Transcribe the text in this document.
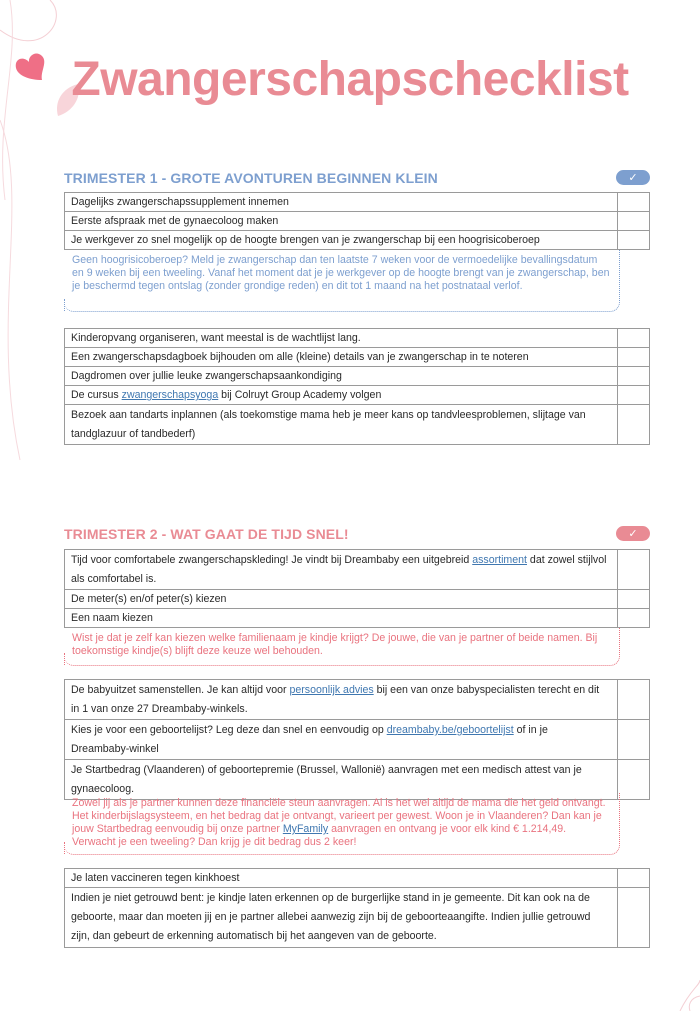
Zwangerschapschecklist
TRIMESTER 1 - GROTE AVONTUREN BEGINNEN KLEIN	✓
Dagelijks zwangerschapssupplement innemen
Eerste afspraak met de gynaecoloog maken
Je werkgever zo snel mogelijk op de hoogte brengen van je zwangerschap bij een hoogrisicoberoep
Geen hoogrisicoberoep? Meld je zwangerschap dan ten laatste 7 weken voor de vermoedelijke bevallingsdatum en 9 weken bij een tweeling. Vanaf het moment dat je je werkgever op de hoogte brengt van je zwangerschap, ben je beschermd tegen ontslag (zonder grondige reden) en dit tot 1 maand na het postnataal verlof.
Kinderopvang organiseren, want meestal is de wachtlijst lang.
Een zwangerschapsdagboek bijhouden om alle (kleine) details van je zwangerschap in te noteren
Dagdromen over jullie leuke zwangerschapsaankondiging
De cursus zwangerschapsyoga bij Colruyt Group Academy volgen
Bezoek aan tandarts inplannen (als toekomstige mama heb je meer kans op tandvleesproblemen, slijtage van tandglazuur of tandbederf)
TRIMESTER 2 - WAT GAAT DE TIJD SNEL!	✓
Tijd voor comfortabele zwangerschapskleding! Je vindt bij Dreambaby een uitgebreid assortiment dat zowel stijlvol als comfortabel is.
De meter(s) en/of peter(s) kiezen
Een naam kiezen
Wist je dat je zelf kan kiezen welke familienaam je kindje krijgt? De jouwe, die van je partner of beide namen. Bij toekomstige kindje(s) blijft deze keuze wel behouden.
De babyuitzet samenstellen. Je kan altijd voor persoonlijk advies bij een van onze babyspecialisten terecht en dit in 1 van onze 27 Dreambaby-winkels.
Kies je voor een geboortelijst? Leg deze dan snel en eenvoudig op dreambaby.be/geboortelijst of in je Dreambaby-winkel
Je Startbedrag (Vlaanderen) of geboortepremie (Brussel, Wallonië) aanvragen met een medisch attest van je gynaecoloog.
Zowel jij als je partner kunnen deze financiële steun aanvragen. Al is het wel altijd de mama die het geld ontvangt. Het kinderbijslagsysteem, en het bedrag dat je ontvangt, varieert per gewest. Woon je in Vlaanderen? Dan kan je jouw Startbedrag eenvoudig bij onze partner MyFamily aanvragen en ontvang je voor elk kind € 1.214,49. Verwacht je een tweeling? Dan krijg je dit bedrag dus 2 keer!
Je laten vaccineren tegen kinkhoest
Indien je niet getrouwd bent: je kindje laten erkennen op de burgerlijke stand in je gemeente. Dit kan ook na de geboorte, maar dan moeten jij en je partner allebei aanwezig zijn bij de geboorteaangifte. Indien jullie getrouwd zijn, dan gebeurt de erkenning automatisch bij het aangeven van de geboorte.
